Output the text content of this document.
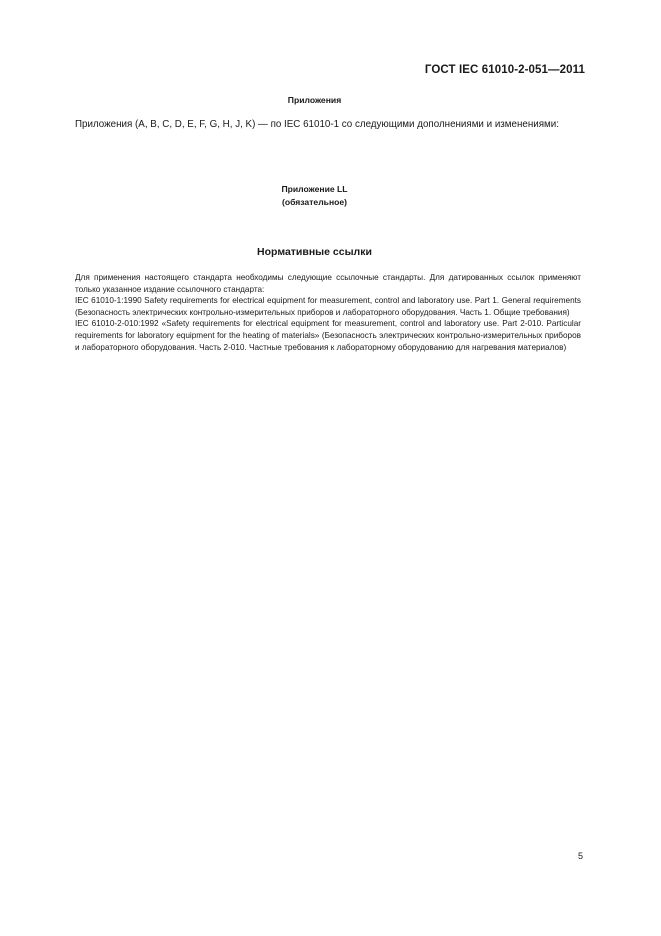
ГОСТ IEC 61010-2-051—2011
Приложения
Приложения (A, B, C, D, E, F, G, H, J, K) — по IEC 61010-1 со следующими дополнениями и изменениями:
Приложение LL
(обязательное)
Нормативные ссылки

Для применения настоящего стандарта необходимы следующие ссылочные стандарты. Для датированных ссылок применяют только указанное издание ссылочного стандарта:

IEC 61010-1:1990 Safety requirements for electrical equipment for measurement, control and laboratory use. Part 1. General requirements (Безопасность электрических контрольно-измерительных приборов и лабораторного оборудования. Часть 1. Общие требования)

IEC 61010-2-010:1992 «Safety requirements for electrical equipment for measurement, control and laboratory use. Part 2-010. Particular requirements for laboratory equipment for the heating of materials» (Безопасность электрических контрольно-измерительных приборов и лабораторного оборудования. Часть 2-010. Частные требования к лабораторному оборудованию для нагревания материалов)

5
